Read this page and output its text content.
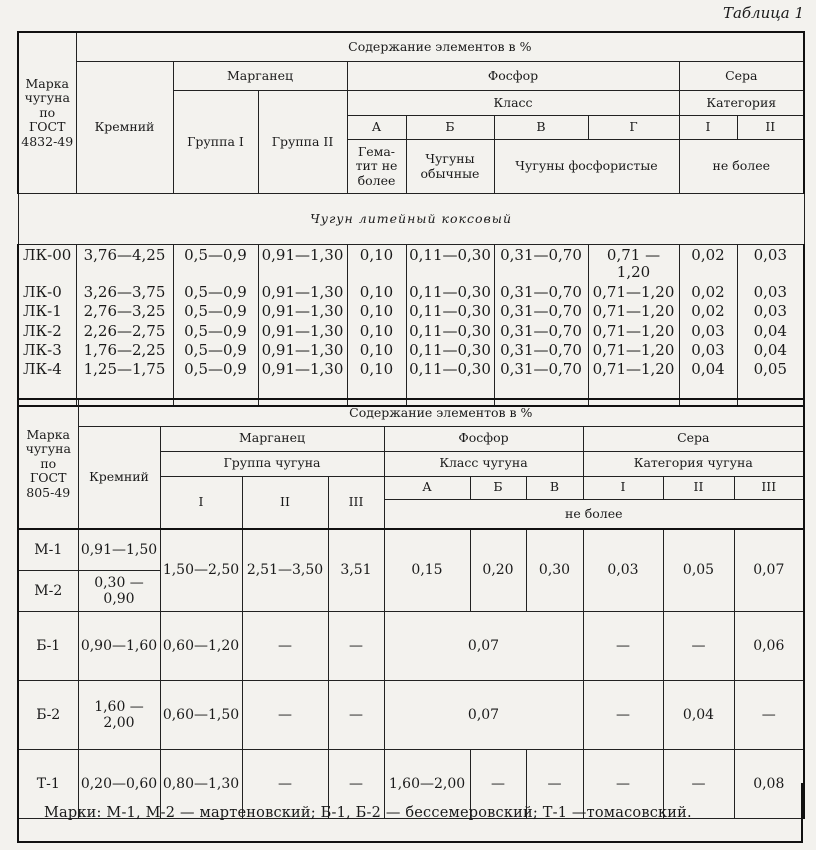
Таблица 1
Марка чугуна по ГОСТ 4832-49	Содержание элементов в %								
	Кремний	Марганец		Фосфор				Сера	
		Группа I	Группа II	Класс				Категория	
				А	Б	В	Г	I	II
				Гема-тит не более	Чугуны обычные	Чугуны фосфористые		не более	
Чугун литейный коксовый									
ЛК-00	3,76—4,25	0,5—0,9	0,91—1,30	0,10	0,11—0,30	0,31—0,70	0,71 —1,20	0,02	0,03
ЛК-0	3,26—3,75	0,5—0,9	0,91—1,30	0,10	0,11—0,30	0,31—0,70	0,71—1,20	0,02	0,03
ЛК-1	2,76—3,25	0,5—0,9	0,91—1,30	0,10	0,11—0,30	0,31—0,70	0,71—1,20	0,02	0,03
ЛК-2	2,26—2,75	0,5—0,9	0,91—1,30	0,10	0,11—0,30	0,31—0,70	0,71—1,20	0,03	0,04
ЛК-3	1,76—2,25	0,5—0,9	0,91—1,30	0,10	0,11—0,30	0,31—0,70	0,71—1,20	0,03	0,04
ЛК-4	1,25—1,75	0,5—0,9	0,91—1,30	0,10	0,11—0,30	0,31—0,70	0,71—1,20	0,04	0,05

Марка чугуна по ГОСТ 805-49	Содержание элементов в %									
	Кремний	Марганец			Фосфор			Сера		
		Группа чугуна			Класс чугуна			Категория чугуна		
		I	II	III	А	Б	В	I	II	III
					не более					
М-1	0,91—1,50	1,50—2,50	2,51—3,50	3,51	0,15	0,20	0,30	0,03	0,05	0,07
М-2	0,30 —0,90									
Б-1	0,90—1,60	0,60—1,20	—	—	0,07			—	—	0,06
Б-2	1,60 —2,00	0,60—1,50	—	—	0,07			—	0,04	—
Т-1	0,20—0,60	0,80—1,30	—	—	1,60—2,00	—	—	—	—	0,08
Марки: М-1, М-2 — мартеновский; Б-1, Б-2 — бессемеровский; Т-1 —томасовский.
